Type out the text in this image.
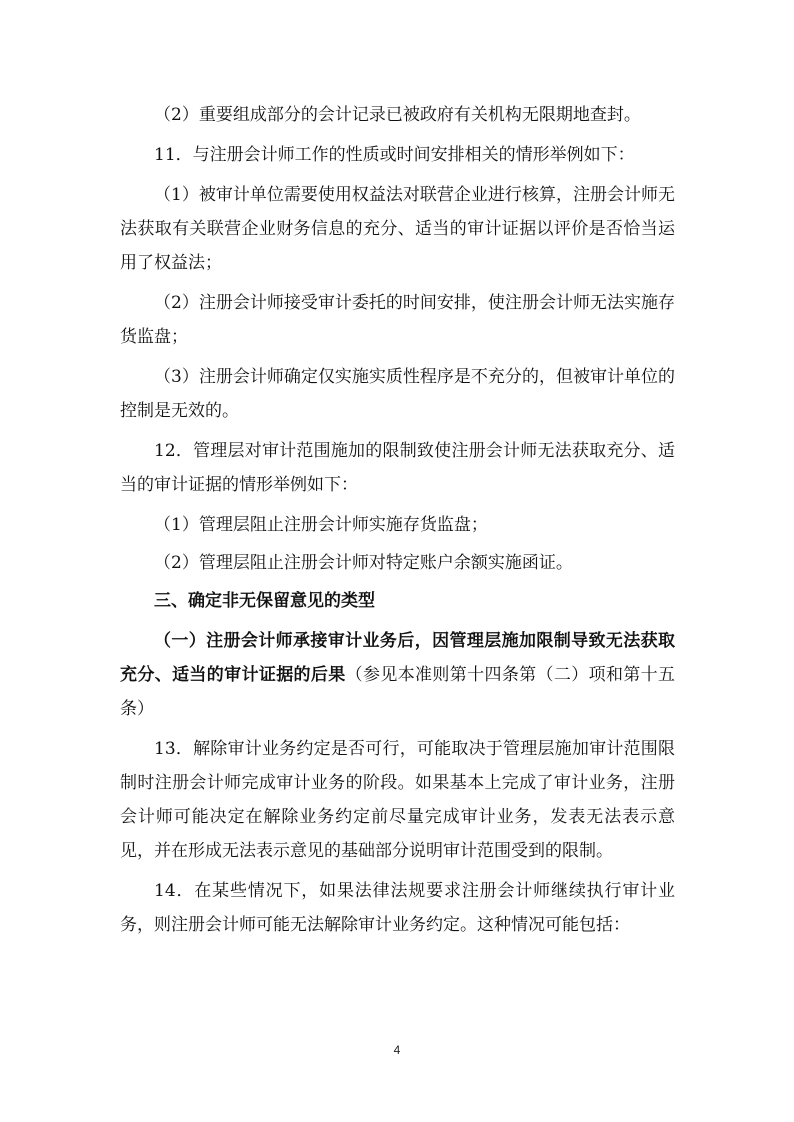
（2）重要组成部分的会计记录已被政府有关机构无限期地查封。

11．与注册会计师工作的性质或时间安排相关的情形举例如下：

（1）被审计单位需要使用权益法对联营企业进行核算，注册会计师无法获取有关联营企业财务信息的充分、适当的审计证据以评价是否恰当运用了权益法；

（2）注册会计师接受审计委托的时间安排，使注册会计师无法实施存货监盘；

（3）注册会计师确定仅实施实质性程序是不充分的，但被审计单位的控制是无效的。

12．管理层对审计范围施加的限制致使注册会计师无法获取充分、适当的审计证据的情形举例如下：

（1）管理层阻止注册会计师实施存货监盘；

（2）管理层阻止注册会计师对特定账户余额实施函证。

三、确定非无保留意见的类型

（一）注册会计师承接审计业务后，因管理层施加限制导致无法获取充分、适当的审计证据的后果（参见本准则第十四条第（二）项和第十五条）

13．解除审计业务约定是否可行，可能取决于管理层施加审计范围限制时注册会计师完成审计业务的阶段。如果基本上完成了审计业务，注册会计师可能决定在解除业务约定前尽量完成审计业务，发表无法表示意见，并在形成无法表示意见的基础部分说明审计范围受到的限制。

14．在某些情况下，如果法律法规要求注册会计师继续执行审计业务，则注册会计师可能无法解除审计业务约定。这种情况可能包括：

4
